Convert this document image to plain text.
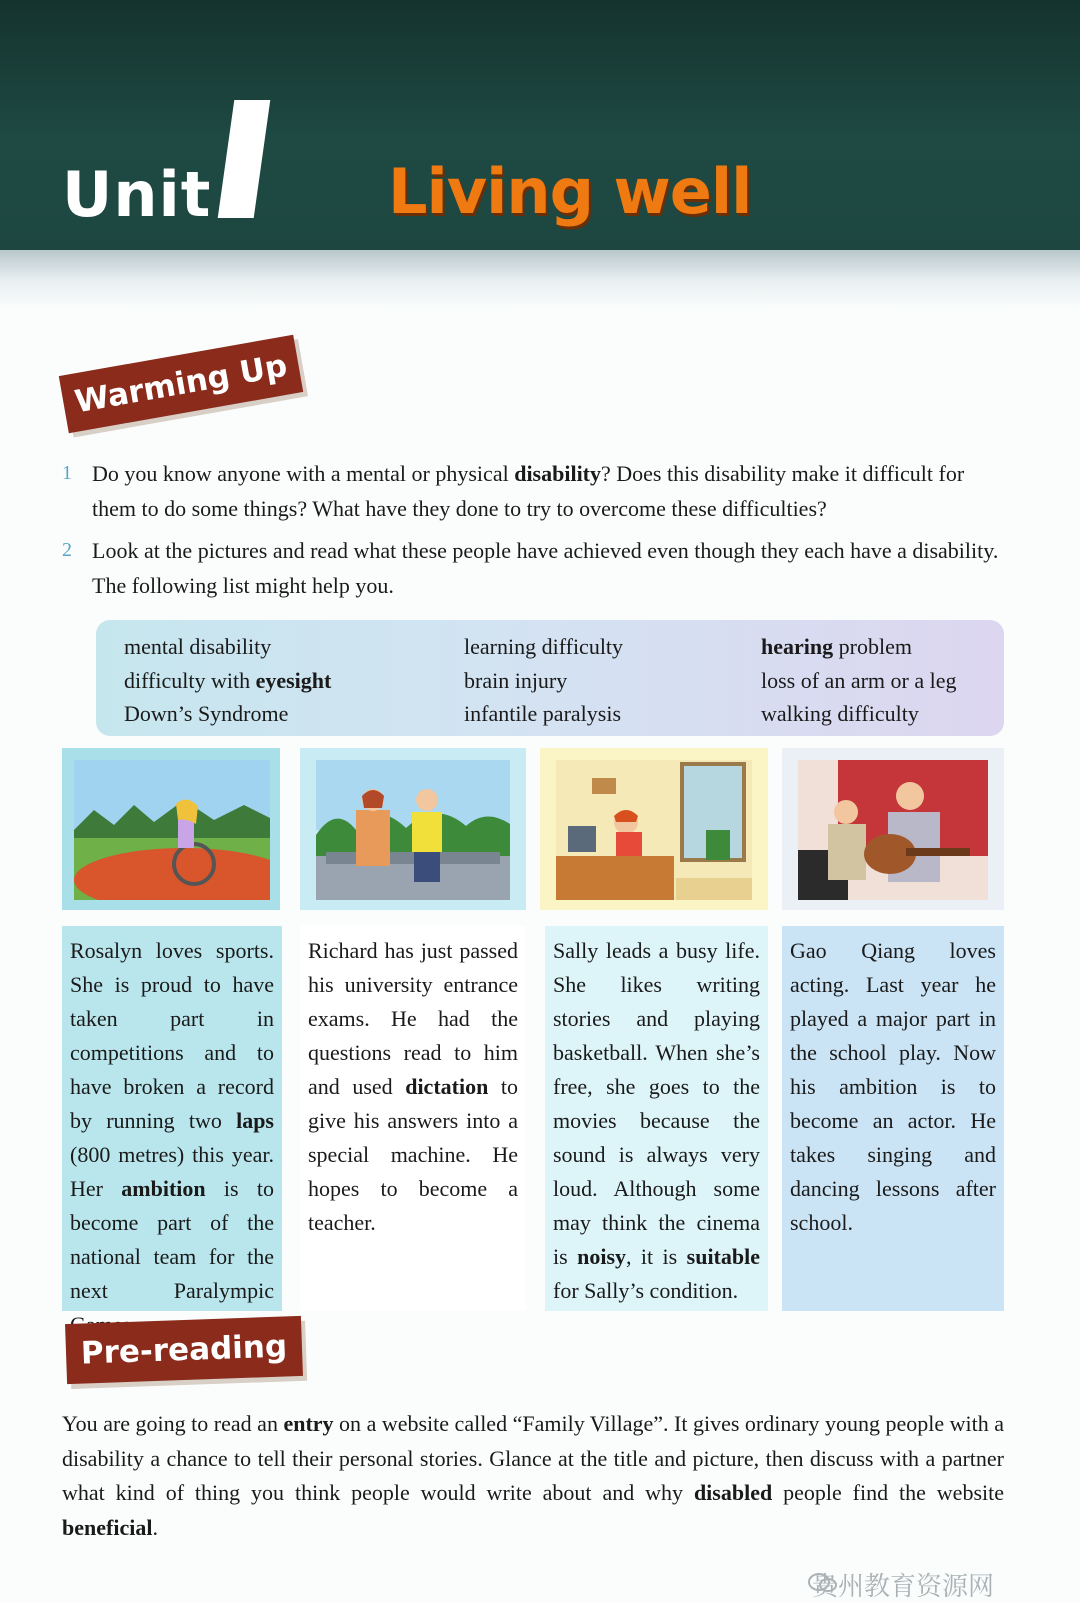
Unit	Living well
Warming Up
1 Do you know anyone with a mental or physical disability? Does this disability make it difficult for them to do some things? What have they done to try to overcome these difficulties?
2 Look at the pictures and read what these people have achieved even though they each have a disability. The following list might help you.
mental disability
difficulty with eyesight
Down’s Syndrome
learning difficulty
brain injury
infantile paralysis
hearing problem
loss of an arm or a leg
walking difficulty
Rosalyn loves sports. She is proud to have taken part in competitions and to have broken a record by running two laps (800 metres) this year. Her ambition is to become part of the national team for the next Paralympic
Richard has just passed his university entrance exams. He had the questions read to him and used dictation to give his answers into a special machine. He hopes to become a teacher.
Sally leads a busy life. She likes writing stories and playing basketball. When she’s free, she goes to the movies because the sound is always very loud. Although some may think the cinema is noisy, it is suitable for Sally’s condition.
Gao Qiang loves acting. Last year he played a major part in the school play. Now his ambition is to become an actor. He takes singing and dancing lessons after school.
Pre-reading
You are going to read an entry on a website called “Family Village”. It gives ordinary young people with a disability a chance to tell their personal stories. Glance at the title and picture, then discuss with a partner what kind of thing you think people would write about and why disabled people find the website beneficial.
贵州教育资源网
